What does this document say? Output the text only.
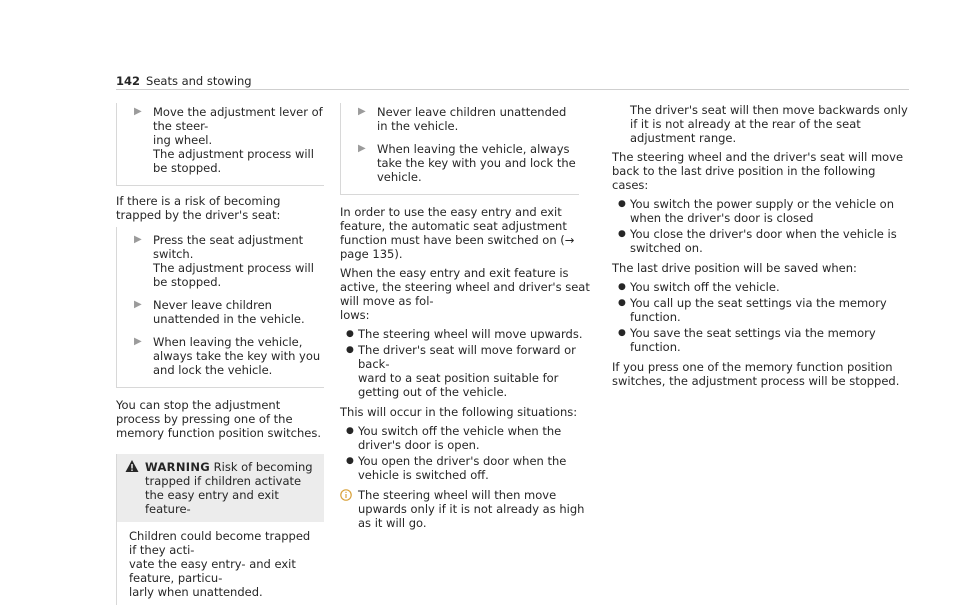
142 Seats and stowing
▶ Move the adjustment lever of the steer-
ing wheel.
The adjustment process will be stopped.

If there is a risk of becoming trapped by the driver's seat:

▶ Press the seat adjustment switch.
The adjustment process will be stopped.
▶ Never leave children unattended in the vehicle.
▶ When leaving the vehicle, always take the key with you and lock the vehicle.

You can stop the adjustment process by pressing one of the memory function position switches.

WARNING Risk of becoming trapped if children activate the easy entry and exit feature-
Children could become trapped if they acti-
vate the easy entry- and exit feature, particu-
larly when unattended.
▶ Never leave children unattended in the vehicle.
▶ When leaving the vehicle, always take the key with you and lock the vehicle.

In order to use the easy entry and exit feature, the automatic seat adjustment function must have been switched on (→ page 135).

When the easy entry and exit feature is active, the steering wheel and driver's seat will move as fol-
lows:

● The steering wheel will move upwards.
● The driver's seat will move forward or back-
ward to a seat position suitable for getting out of the vehicle.

This will occur in the following situations:

● You switch off the vehicle when the driver's door is open.
● You open the driver's door when the vehicle is switched off.
The steering wheel will then move upwards only if it is not already as high as it will go.

The driver's seat will then move backwards only if it is not already at the rear of the seat adjustment range.

The steering wheel and the driver's seat will move back to the last drive position in the following cases:

● You switch the power supply or the vehicle on when the driver's door is closed
● You close the driver's door when the vehicle is switched on.

The last drive position will be saved when:

● You switch off the vehicle.
● You call up the seat settings via the memory function.
● You save the seat settings via the memory function.

If you press one of the memory function position switches, the adjustment process will be stopped.
